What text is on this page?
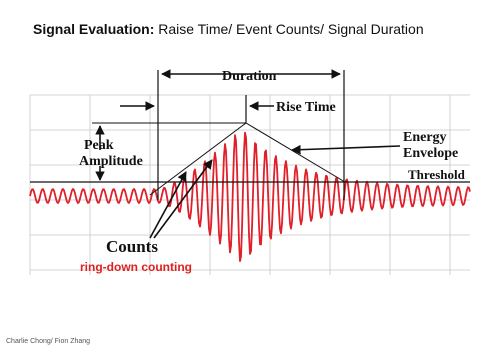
Signal Evaluation: Raise Time/ Event Counts/ Signal Duration
Duration
Rise Time
Peak
Amplitude
Energy
Envelope
Threshold
Counts
ring-down counting
Charlie Chong/ Fion Zhang
